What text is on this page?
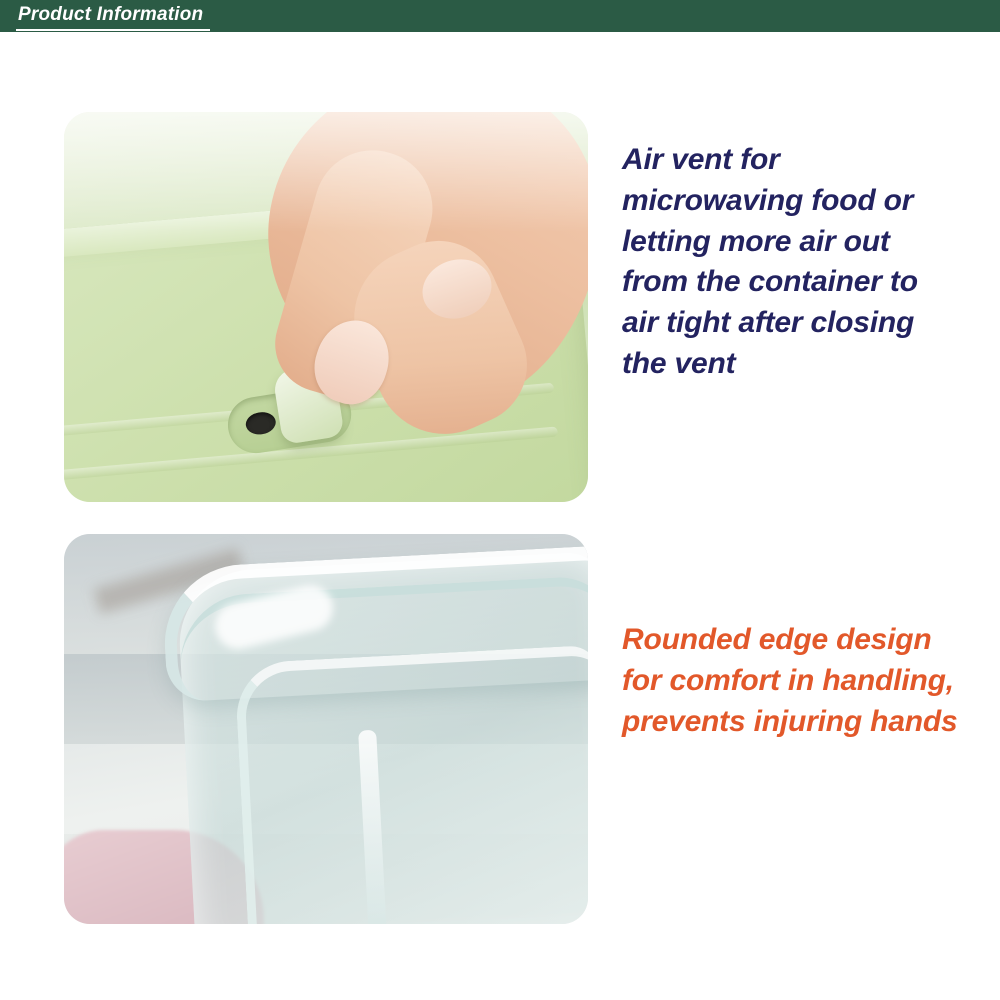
Product Information
Air vent for microwaving food or letting more air out from the container to air tight after closing the vent
Rounded edge design for comfort in handling, prevents injuring hands
